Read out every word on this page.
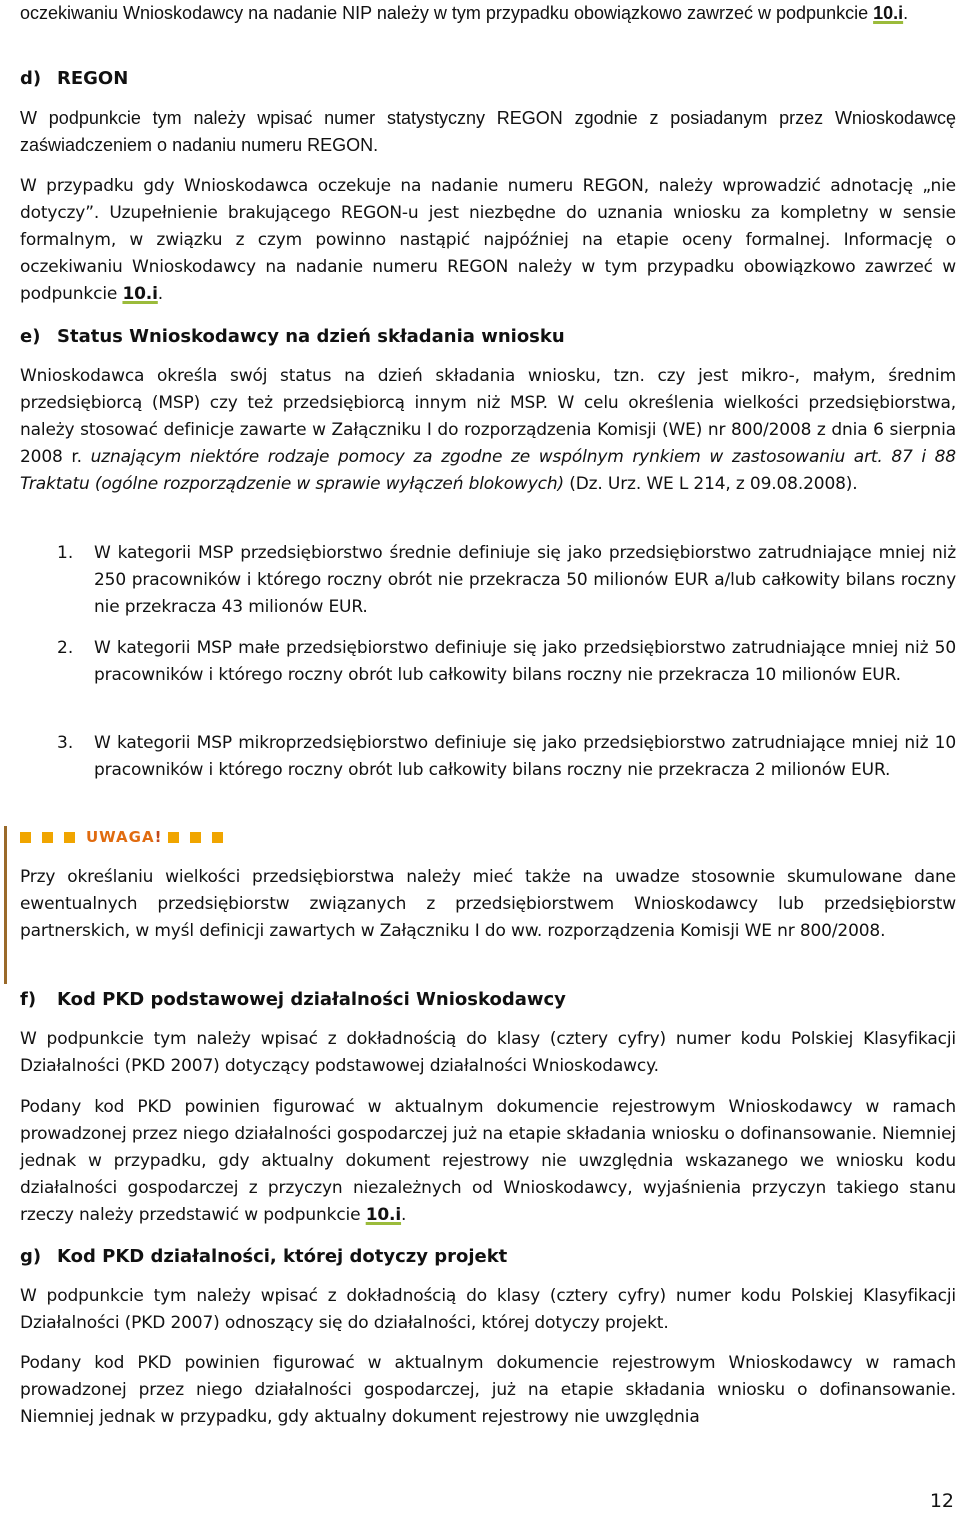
oczekiwaniu Wnioskodawcy na nadanie NIP należy w tym przypadku obowiązkowo zawrzeć w podpunkcie 10.i.

d) REGON

W podpunkcie tym należy wpisać numer statystyczny REGON zgodnie z posiadanym przez Wnioskodawcę zaświadczeniem o nadaniu numeru REGON.

W przypadku gdy Wnioskodawca oczekuje na nadanie numeru REGON, należy wprowadzić adnotację „nie dotyczy”. Uzupełnienie brakującego REGON-u jest niezbędne do uznania wniosku za kompletny w sensie formalnym, w związku z czym powinno nastąpić najpóźniej na etapie oceny formalnej. Informację o oczekiwaniu Wnioskodawcy na nadanie numeru REGON należy w tym przypadku obowiązkowo zawrzeć w podpunkcie 10.i.

e) Status Wnioskodawcy na dzień składania wniosku

Wnioskodawca określa swój status na dzień składania wniosku, tzn. czy jest mikro-, małym, średnim przedsiębiorcą (MSP) czy też przedsiębiorcą innym niż MSP. W celu określenia wielkości przedsiębiorstwa, należy stosować definicje zawarte w Załączniku I do rozporządzenia Komisji (WE) nr 800/2008 z dnia 6 sierpnia 2008 r. uznającym niektóre rodzaje pomocy za zgodne ze wspólnym rynkiem w zastosowaniu art. 87 i 88 Traktatu (ogólne rozporządzenie w sprawie wyłączeń blokowych) (Dz. Urz. WE L 214, z 09.08.2008).

1.	W kategorii MSP przedsiębiorstwo średnie definiuje się jako przedsiębiorstwo zatrudniające mniej niż 250 pracowników i którego roczny obrót nie przekracza 50 milionów EUR a/lub całkowity bilans roczny nie przekracza 43 milionów EUR.
2.	W kategorii MSP małe przedsiębiorstwo definiuje się jako przedsiębiorstwo zatrudniające mniej niż 50 pracowników i którego roczny obrót lub całkowity bilans roczny nie przekracza 10 milionów EUR.
3.	W kategorii MSP mikroprzedsiębiorstwo definiuje się jako przedsiębiorstwo zatrudniające mniej niż 10 pracowników i którego roczny obrót lub całkowity bilans roczny nie przekracza 2 milionów EUR.

Przy określaniu wielkości przedsiębiorstwa należy mieć także na uwadze stosownie skumulowane dane ewentualnych przedsiębiorstw związanych z przedsiębiorstwem Wnioskodawcy lub przedsiębiorstw partnerskich, w myśl definicji zawartych w Załączniku I do ww. rozporządzenia Komisji WE nr 800/2008.

f) Kod PKD podstawowej działalności Wnioskodawcy

W podpunkcie tym należy wpisać z dokładnością do klasy (cztery cyfry) numer kodu Polskiej Klasyfikacji Działalności (PKD 2007) dotyczący podstawowej działalności Wnioskodawcy.

Podany kod PKD powinien figurować w aktualnym dokumencie rejestrowym Wnioskodawcy w ramach prowadzonej przez niego działalności gospodarczej już na etapie składania wniosku o dofinansowanie. Niemniej jednak w przypadku, gdy aktualny dokument rejestrowy nie uwzględnia wskazanego we wniosku kodu działalności gospodarczej z przyczyn niezależnych od Wnioskodawcy, wyjaśnienia przyczyn takiego stanu rzeczy należy przedstawić w podpunkcie 10.i.

g) Kod PKD działalności, której dotyczy projekt

W podpunkcie tym należy wpisać z dokładnością do klasy (cztery cyfry) numer kodu Polskiej Klasyfikacji Działalności (PKD 2007) odnoszący się do działalności, której dotyczy projekt.

Podany kod PKD powinien figurować w aktualnym dokumencie rejestrowym Wnioskodawcy w ramach prowadzonej przez niego działalności gospodarczej, już na etapie składania wniosku o dofinansowanie. Niemniej jednak w przypadku, gdy aktualny dokument rejestrowy nie uwzględnia

UWAGA!
12
